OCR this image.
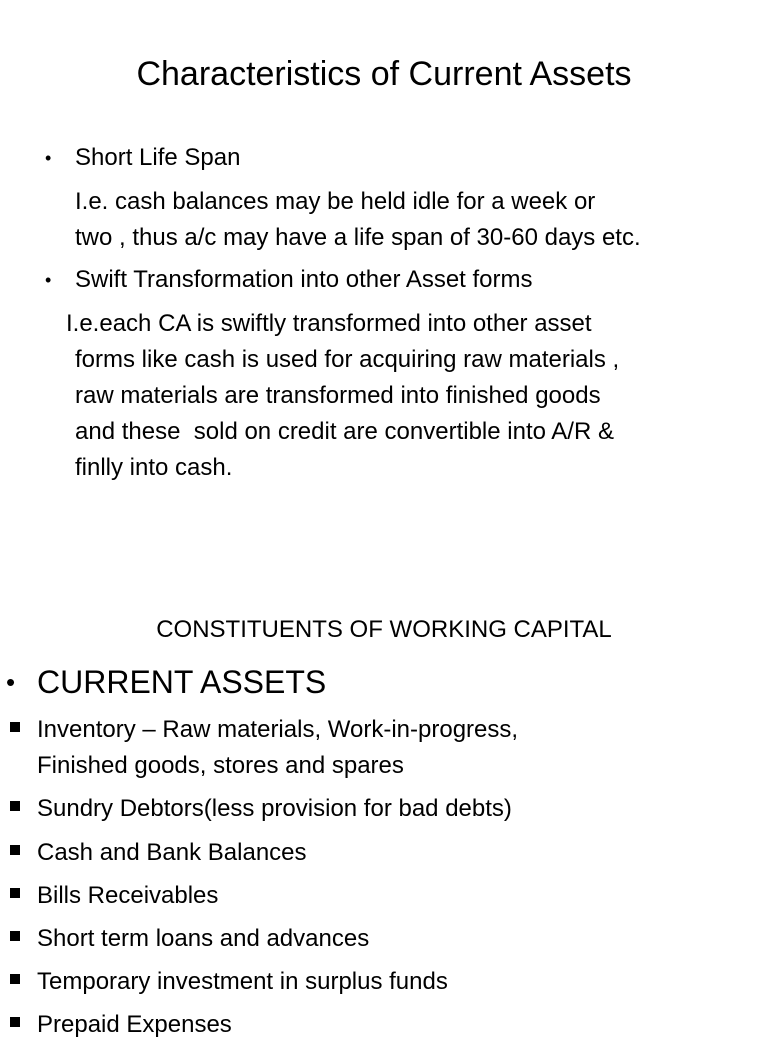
Characteristics of Current Assets
• Short Life Span
I.e. cash balances may be held idle for a week or
two , thus a/c may have a life span of 30-60 days etc.
• Swift Transformation into other Asset forms
I.e.each CA is swiftly transformed into other asset
forms like cash is used for acquiring raw materials ,
raw materials are transformed into finished goods
and these  sold on credit are convertible into A/R &
finlly into cash.
CONSTITUENTS OF WORKING CAPITAL
• CURRENT ASSETS
Inventory – Raw materials, Work-in-progress,
Finished goods, stores and spares
Sundry Debtors(less provision for bad debts)
Cash and Bank Balances
Bills Receivables
Short term loans and advances
Temporary investment in surplus funds
Prepaid Expenses
